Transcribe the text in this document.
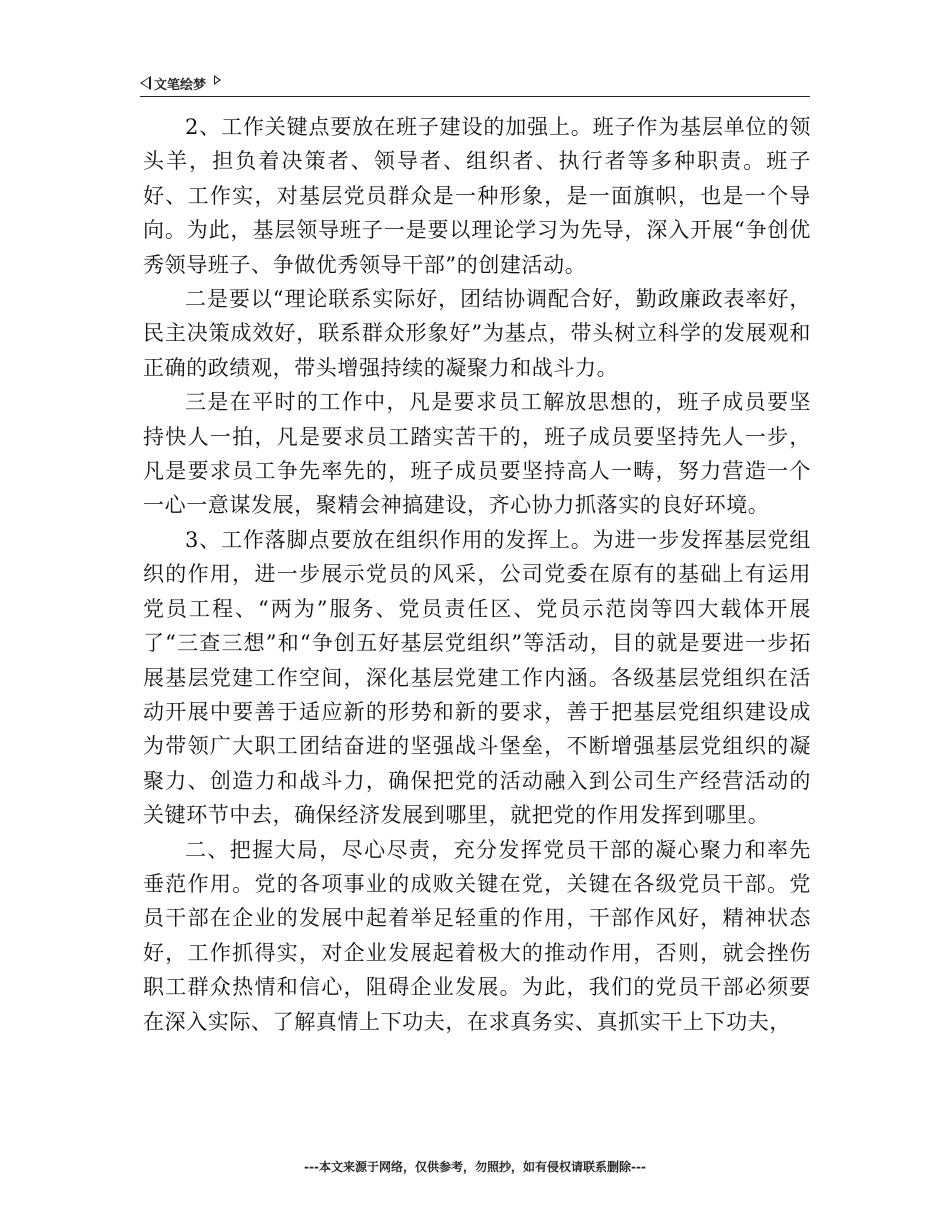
文笔绘梦

2、工作关键点要放在班子建设的加强上。班子作为基层单位的领头羊，担负着决策者、领导者、组织者、执行者等多种职责。班子好、工作实，对基层党员群众是一种形象，是一面旗帜，也是一个导向。为此，基层领导班子一是要以理论学习为先导，深入开展“争创优秀领导班子、争做优秀领导干部”的创建活动。

二是要以“理论联系实际好，团结协调配合好，勤政廉政表率好，民主决策成效好，联系群众形象好”为基点，带头树立科学的发展观和正确的政绩观，带头增强持续的凝聚力和战斗力。

三是在平时的工作中，凡是要求员工解放思想的，班子成员要坚持快人一拍，凡是要求员工踏实苦干的，班子成员要坚持先人一步，凡是要求员工争先率先的，班子成员要坚持高人一畴，努力营造一个一心一意谋发展，聚精会神搞建设，齐心协力抓落实的良好环境。

3、工作落脚点要放在组织作用的发挥上。为进一步发挥基层党组织的作用，进一步展示党员的风采，公司党委在原有的基础上有运用党员工程、“两为”服务、党员责任区、党员示范岗等四大载体开展了“三查三想”和“争创五好基层党组织”等活动，目的就是要进一步拓展基层党建工作空间，深化基层党建工作内涵。各级基层党组织在活动开展中要善于适应新的形势和新的要求，善于把基层党组织建设成为带领广大职工团结奋进的坚强战斗堡垒，不断增强基层党组织的凝聚力、创造力和战斗力，确保把党的活动融入到公司生产经营活动的关键环节中去，确保经济发展到哪里，就把党的作用发挥到哪里。

二、把握大局，尽心尽责，充分发挥党员干部的凝心聚力和率先垂范作用。党的各项事业的成败关键在党，关键在各级党员干部。党员干部在企业的发展中起着举足轻重的作用，干部作风好，精神状态好，工作抓得实，对企业发展起着极大的推动作用，否则，就会挫伤职工群众热情和信心，阻碍企业发展。为此，我们的党员干部必须要在深入实际、了解真情上下功夫，在求真务实、真抓实干上下功夫，

---本文来源于网络，仅供参考，勿照抄，如有侵权请联系删除---
